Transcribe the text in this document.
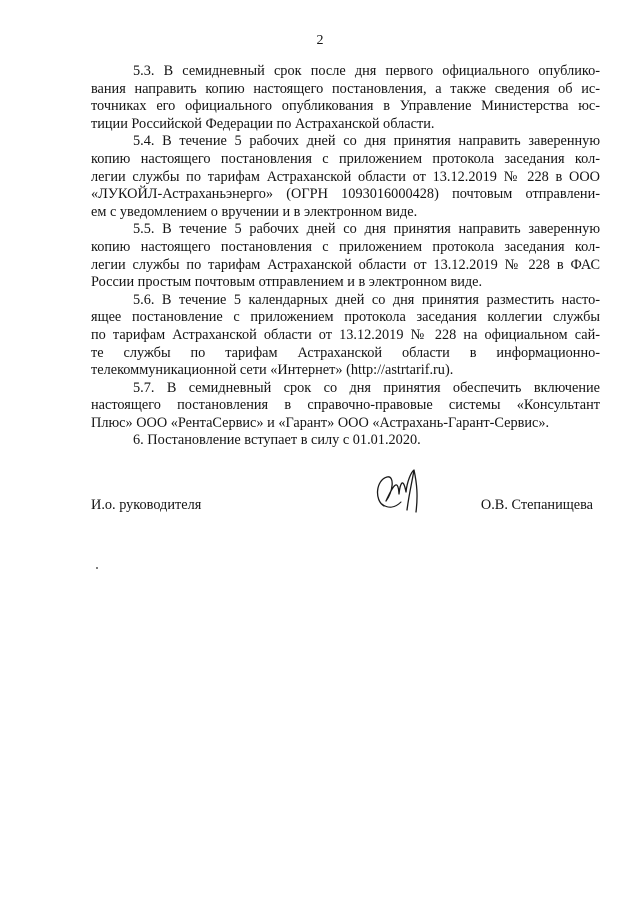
2

5.3. В семидневный срок после дня первого официального опублико-
вания направить копию настоящего постановления, а также сведения об ис-
точниках его официального опубликования в Управление Министерства юс-
тиции Российской Федерации по Астраханской области.

5.4. В течение 5 рабочих дней со дня принятия направить заверенную
копию настоящего постановления с приложением протокола заседания кол-
легии службы по тарифам Астраханской области от 13.12.2019 № 228 в ООО
«ЛУКОЙЛ-Астраханьэнерго» (ОГРН 1093016000428) почтовым отправлени-
ем с уведомлением о вручении и в электронном виде.

5.5. В течение 5 рабочих дней со дня принятия направить заверенную
копию настоящего постановления с приложением протокола заседания кол-
легии службы по тарифам Астраханской области от 13.12.2019 № 228 в ФАС
России простым почтовым отправлением и в электронном виде.

5.6. В течение 5 календарных дней со дня принятия разместить насто-
ящее постановление с приложением протокола заседания коллегии службы
по тарифам Астраханской области от 13.12.2019 № 228 на официальном сай-
те службы по тарифам Астраханской области в информационно-
телекоммуникационной сети «Интернет» (http://astrtarif.ru).

5.7. В семидневный срок со дня принятия обеспечить включение
настоящего постановления в справочно-правовые системы «Консультант
Плюс» ООО «РентаСервис» и «Гарант» ООО «Астрахань-Гарант-Сервис».

6. Постановление вступает в силу с 01.01.2020.

И.о. руководителя	О.В. Степанищева
